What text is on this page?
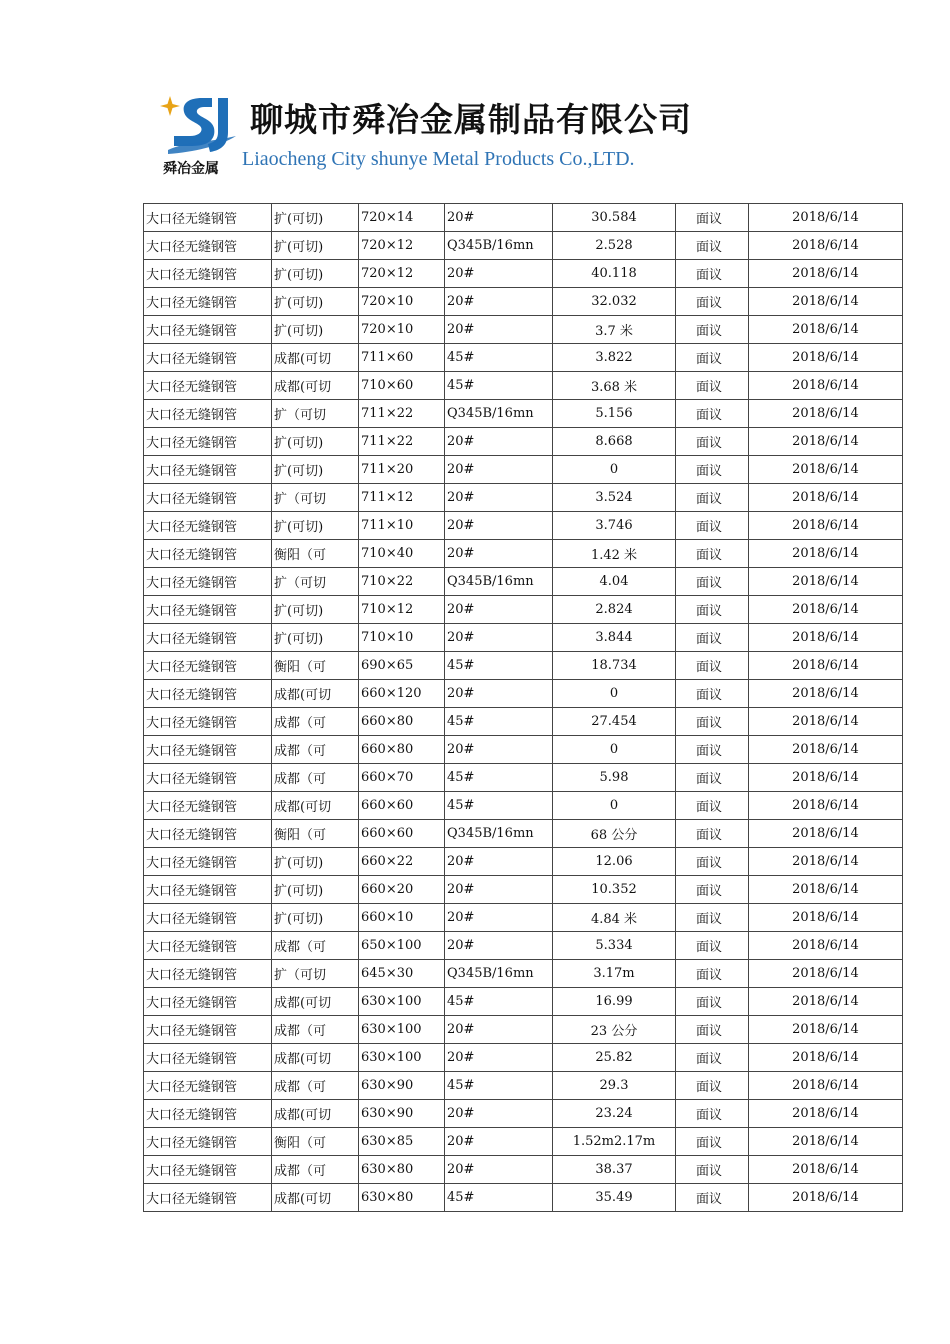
舜冶金属
聊城市舜冶金属制品有限公司
Liaocheng City shunye Metal Products Co.,LTD.
大口径无缝钢管	扩(可切)	720×14	20#	30.584	面议	2018/6/14
大口径无缝钢管	扩(可切)	720×12	Q345B/16mn	2.528	面议	2018/6/14
大口径无缝钢管	扩(可切)	720×12	20#	40.118	面议	2018/6/14
大口径无缝钢管	扩(可切)	720×10	20#	32.032	面议	2018/6/14
大口径无缝钢管	扩(可切)	720×10	20#	3.7 米	面议	2018/6/14
大口径无缝钢管	成都(可切	711×60	45#	3.822	面议	2018/6/14
大口径无缝钢管	成都(可切	710×60	45#	3.68 米	面议	2018/6/14
大口径无缝钢管	扩（可切	711×22	Q345B/16mn	5.156	面议	2018/6/14
大口径无缝钢管	扩(可切)	711×22	20#	8.668	面议	2018/6/14
大口径无缝钢管	扩(可切)	711×20	20#	0	面议	2018/6/14
大口径无缝钢管	扩（可切	711×12	20#	3.524	面议	2018/6/14
大口径无缝钢管	扩(可切)	711×10	20#	3.746	面议	2018/6/14
大口径无缝钢管	衡阳（可	710×40	20#	1.42 米	面议	2018/6/14
大口径无缝钢管	扩（可切	710×22	Q345B/16mn	4.04	面议	2018/6/14
大口径无缝钢管	扩(可切)	710×12	20#	2.824	面议	2018/6/14
大口径无缝钢管	扩(可切)	710×10	20#	3.844	面议	2018/6/14
大口径无缝钢管	衡阳（可	690×65	45#	18.734	面议	2018/6/14
大口径无缝钢管	成都(可切	660×120	20#	0	面议	2018/6/14
大口径无缝钢管	成都（可	660×80	45#	27.454	面议	2018/6/14
大口径无缝钢管	成都（可	660×80	20#	0	面议	2018/6/14
大口径无缝钢管	成都（可	660×70	45#	5.98	面议	2018/6/14
大口径无缝钢管	成都(可切	660×60	45#	0	面议	2018/6/14
大口径无缝钢管	衡阳（可	660×60	Q345B/16mn	68 公分	面议	2018/6/14
大口径无缝钢管	扩(可切)	660×22	20#	12.06	面议	2018/6/14
大口径无缝钢管	扩(可切)	660×20	20#	10.352	面议	2018/6/14
大口径无缝钢管	扩(可切)	660×10	20#	4.84 米	面议	2018/6/14
大口径无缝钢管	成都（可	650×100	20#	5.334	面议	2018/6/14
大口径无缝钢管	扩（可切	645×30	Q345B/16mn	3.17m	面议	2018/6/14
大口径无缝钢管	成都(可切	630×100	45#	16.99	面议	2018/6/14
大口径无缝钢管	成都（可	630×100	20#	23 公分	面议	2018/6/14
大口径无缝钢管	成都(可切	630×100	20#	25.82	面议	2018/6/14
大口径无缝钢管	成都（可	630×90	45#	29.3	面议	2018/6/14
大口径无缝钢管	成都(可切	630×90	20#	23.24	面议	2018/6/14
大口径无缝钢管	衡阳（可	630×85	20#	1.52m2.17m	面议	2018/6/14
大口径无缝钢管	成都（可	630×80	20#	38.37	面议	2018/6/14
大口径无缝钢管	成都(可切	630×80	45#	35.49	面议	2018/6/14
